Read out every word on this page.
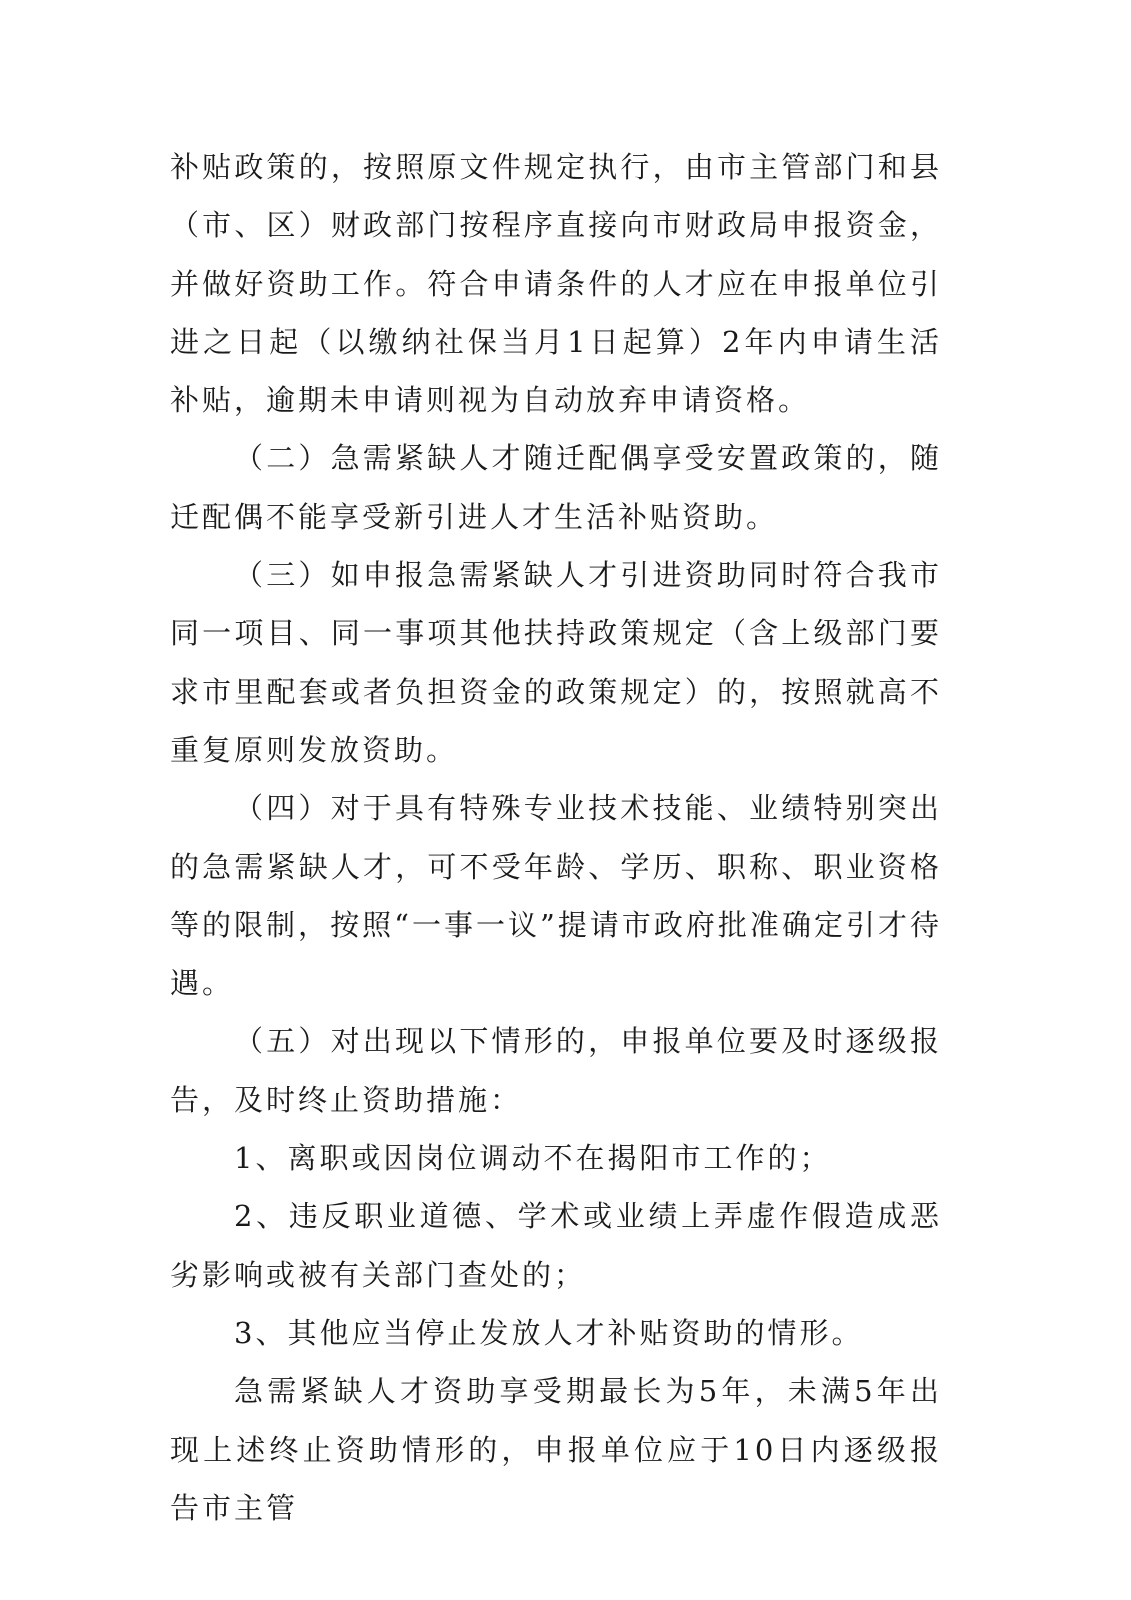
补贴政策的，按照原文件规定执行，由市主管部门和县（市、区）财政部门按程序直接向市财政局申报资金，并做好资助工作。符合申请条件的人才应在申报单位引进之日起（以缴纳社保当月1日起算）2年内申请生活补贴，逾期未申请则视为自动放弃申请资格。

（二）急需紧缺人才随迁配偶享受安置政策的，随迁配偶不能享受新引进人才生活补贴资助。

（三）如申报急需紧缺人才引进资助同时符合我市同一项目、同一事项其他扶持政策规定（含上级部门要求市里配套或者负担资金的政策规定）的，按照就高不重复原则发放资助。

（四）对于具有特殊专业技术技能、业绩特别突出的急需紧缺人才，可不受年龄、学历、职称、职业资格等的限制，按照“一事一议”提请市政府批准确定引才待遇。

（五）对出现以下情形的，申报单位要及时逐级报告，及时终止资助措施：

1、离职或因岗位调动不在揭阳市工作的；

2、违反职业道德、学术或业绩上弄虚作假造成恶劣影响或被有关部门查处的；

3、其他应当停止发放人才补贴资助的情形。

急需紧缺人才资助享受期最长为5年，未满5年出现上述终止资助情形的，申报单位应于10日内逐级报告市主管
